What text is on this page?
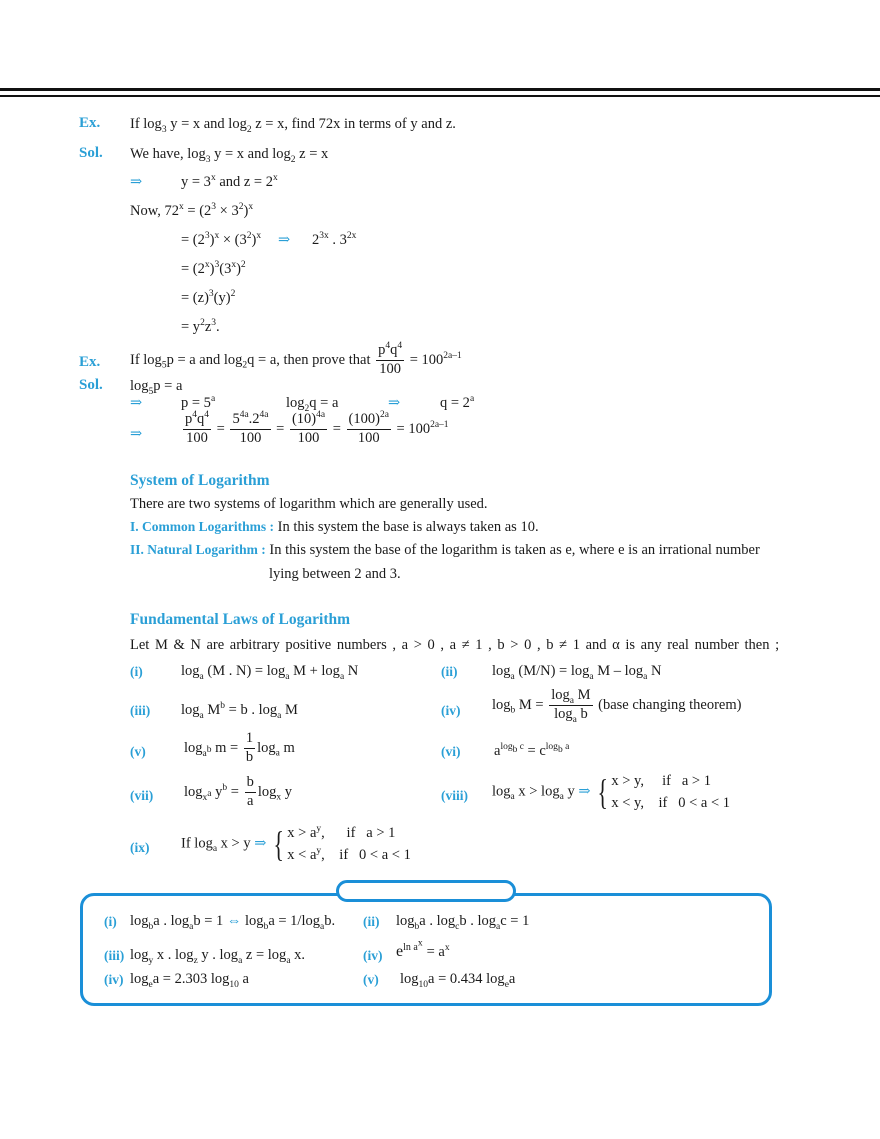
Ex. If $\log_3 y = x$ and $\log_2 z = x$, find 72x in terms of y and z.
Sol. We have, $\log_3 y = x$ and $\log_2 z = x$
⇒	$y = 3^x$ and $z = 2^x$
Now, $72^x = (2^3 \times 3^2)^x$
= $(2^3)^x \times (3^2)^x$ ⇒ $2^{3x}$ . $3^{2x}$
= $(2^x)^3(3^x)^2$
= $(z)^3(y)^2$
= $y^2z^3$.
Ex. If $\log_5p = a$ and $\log_2q = a$, then prove that $\frac{p^4q^4}{100} = 100^{2a-1}$
Sol. $\log_5p = a$
⇒	$p = 5^a$	$\log_2q = a$	⇒	$q = 2^a$
⇒	$\frac{p^4q^4}{100} = \frac{5^{4a}.2^{4a}}{100} = \frac{(10)^{4a}}{100} = \frac{(100)^{2a}}{100} = 100^{2a-1}$
System of Logarithm
There are two systems of logarithm which are generally used.
I. Common Logarithms : In this system the base is always taken as 10.
II. Natural Logarithm : In this system the base of the logarithm is taken as e, where e is an irrational number
lying between 2 and 3.
Fundamental Laws of Logarithm
Let M & N are arbitrary positive numbers , a > 0 , a ≠ 1 , b > 0 , b ≠ 1 and α is any real number then ;
(i)	$\log_a (M$ . $N) = \log_a M + \log_a N$	(ii) $\log_a (M/N) = \log_a M - \log_a N$
(iii) $\log_a M^b = b$ . $\log_a M$	(iv) $\log_b M = \frac{\log_a M}{\log_a b}$ (base changing theorem)
(v)	$\log_{a^b} m = \frac{1}{b} \log_a m$	(vi) $a^{log_b c} = c^{log_b a}$
(vii) $\log_{x^a} y^b = \frac{b}{a} \log_x y$	(viii) $\log_a x > \log_a y$ ⇒ { x > y,     if   a > 1
x < y,    if   0 < a < 1
(ix) If $\log_a x > y$ ⇒ { $x > a^y$,      if   a > 1
$x < a^y$,    if   0 < a < 1
(i) $\log_ba$ . $\log_ab = 1$ ⇔ $\log_ba = 1/\log_ab$. (ii) $\log_ba$ . $\log_cb$ . $\log_ac = 1$
(iii) $\log_y x$ . $\log_z y$ . $\log_a z = \log_a x$.	(iv) $e^{ln a^x} = a^x$
(iv) $\log_ea = 2.303$ $\log_{10} a$	(v) $\log_{10}a = 0.434$ $\log_ea$
